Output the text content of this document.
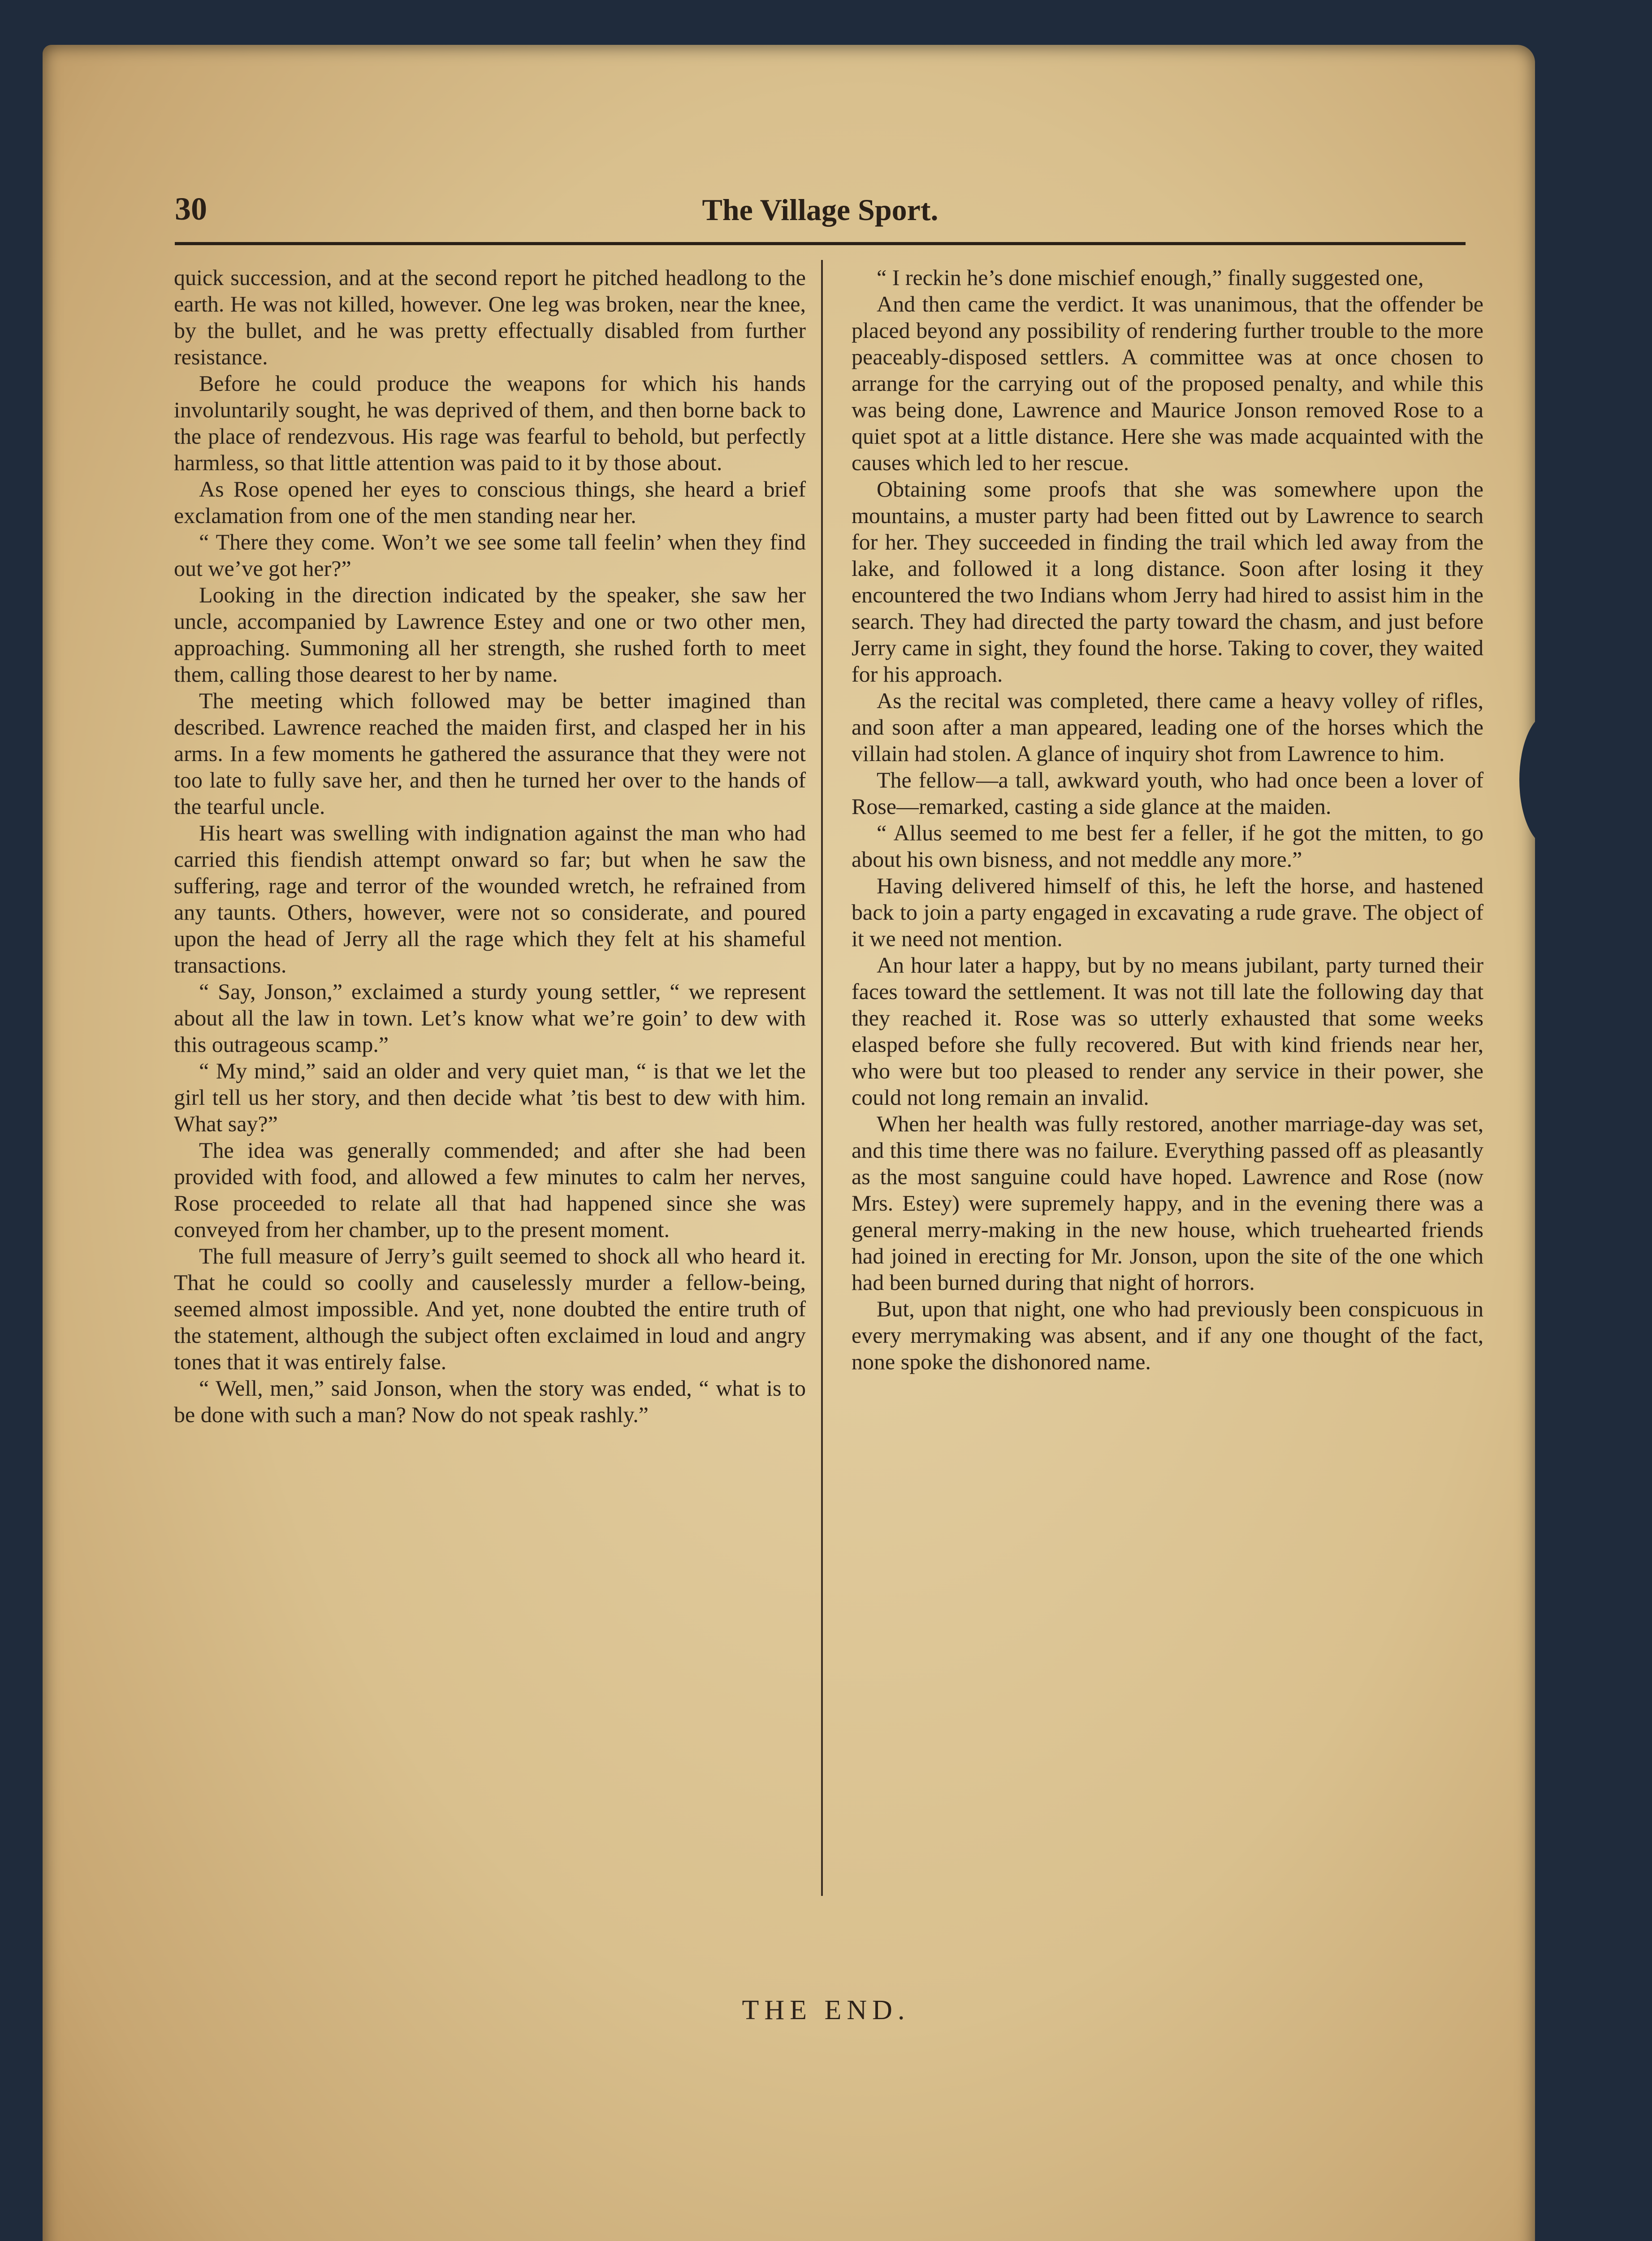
30	The Village Sport.

quick succession, and at the second report he pitched headlong to the earth. He was not killed, however. One leg was broken, near the knee, by the bullet, and he was pretty effectually disabled from further resistance.

Before he could produce the weapons for which his hands involuntarily sought, he was deprived of them, and then borne back to the place of rendezvous. His rage was fearful to behold, but perfectly harmless, so that little attention was paid to it by those about.

As Rose opened her eyes to conscious things, she heard a brief exclamation from one of the men standing near her.

“ There they come. Won’t we see some tall feelin’ when they find out we’ve got her?”

Looking in the direction indicated by the speaker, she saw her uncle, accompanied by Lawrence Estey and one or two other men, approaching. Summoning all her strength, she rushed forth to meet them, calling those dearest to her by name.

The meeting which followed may be better imagined than described. Lawrence reached the maiden first, and clasped her in his arms. In a few moments he gathered the assurance that they were not too late to fully save her, and then he turned her over to the hands of the tearful uncle.

His heart was swelling with indignation against the man who had carried this fiendish attempt onward so far; but when he saw the suffering, rage and terror of the wounded wretch, he refrained from any taunts. Others, however, were not so considerate, and poured upon the head of Jerry all the rage which they felt at his shameful transactions.

“ Say, Jonson,” exclaimed a sturdy young settler, “ we represent about all the law in town. Let’s know what we’re goin’ to dew with this outrageous scamp.”

“ My mind,” said an older and very quiet man, “ is that we let the girl tell us her story, and then decide what ’tis best to dew with him. What say?”

The idea was generally commended; and after she had been provided with food, and allowed a few minutes to calm her nerves, Rose proceeded to relate all that had happened since she was conveyed from her chamber, up to the present moment.

The full measure of Jerry’s guilt seemed to shock all who heard it. That he could so coolly and causelessly murder a fellow-being, seemed almost impossible. And yet, none doubted the entire truth of the statement, although the subject often exclaimed in loud and angry tones that it was entirely false.

“ Well, men,” said Jonson, when the story was ended, “ what is to be done with such a man? Now do not speak rashly.”

“ I reckin he’s done mischief enough,” finally suggested one,

And then came the verdict. It was unanimous, that the offender be placed beyond any possibility of rendering further trouble to the more peaceably-disposed settlers. A committee was at once chosen to arrange for the carrying out of the proposed penalty, and while this was being done, Lawrence and Maurice Jonson removed Rose to a quiet spot at a little distance. Here she was made acquainted with the causes which led to her rescue.

Obtaining some proofs that she was somewhere upon the mountains, a muster party had been fitted out by Lawrence to search for her. They succeeded in finding the trail which led away from the lake, and followed it a long distance. Soon after losing it they encountered the two Indians whom Jerry had hired to assist him in the search. They had directed the party toward the chasm, and just before Jerry came in sight, they found the horse. Taking to cover, they waited for his approach.

As the recital was completed, there came a heavy volley of rifles, and soon after a man appeared, leading one of the horses which the villain had stolen. A glance of inquiry shot from Lawrence to him.

The fellow—a tall, awkward youth, who had once been a lover of Rose—remarked, casting a side glance at the maiden.

“ Allus seemed to me best fer a feller, if he got the mitten, to go about his own bisness, and not meddle any more.”

Having delivered himself of this, he left the horse, and hastened back to join a party engaged in excavating a rude grave. The object of it we need not mention.

An hour later a happy, but by no means jubilant, party turned their faces toward the settlement. It was not till late the following day that they reached it. Rose was so utterly exhausted that some weeks elasped before she fully recovered. But with kind friends near her, who were but too pleased to render any service in their power, she could not long remain an invalid.

When her health was fully restored, another marriage-day was set, and this time there was no failure. Everything passed off as pleasantly as the most sanguine could have hoped. Lawrence and Rose (now Mrs. Estey) were supremely happy, and in the evening there was a general merry-making in the new house, which truehearted friends had joined in erecting for Mr. Jonson, upon the site of the one which had been burned during that night of horrors.

But, upon that night, one who had previously been conspicuous in every merrymaking was absent, and if any one thought of the fact, none spoke the dishonored name.

THE END.
